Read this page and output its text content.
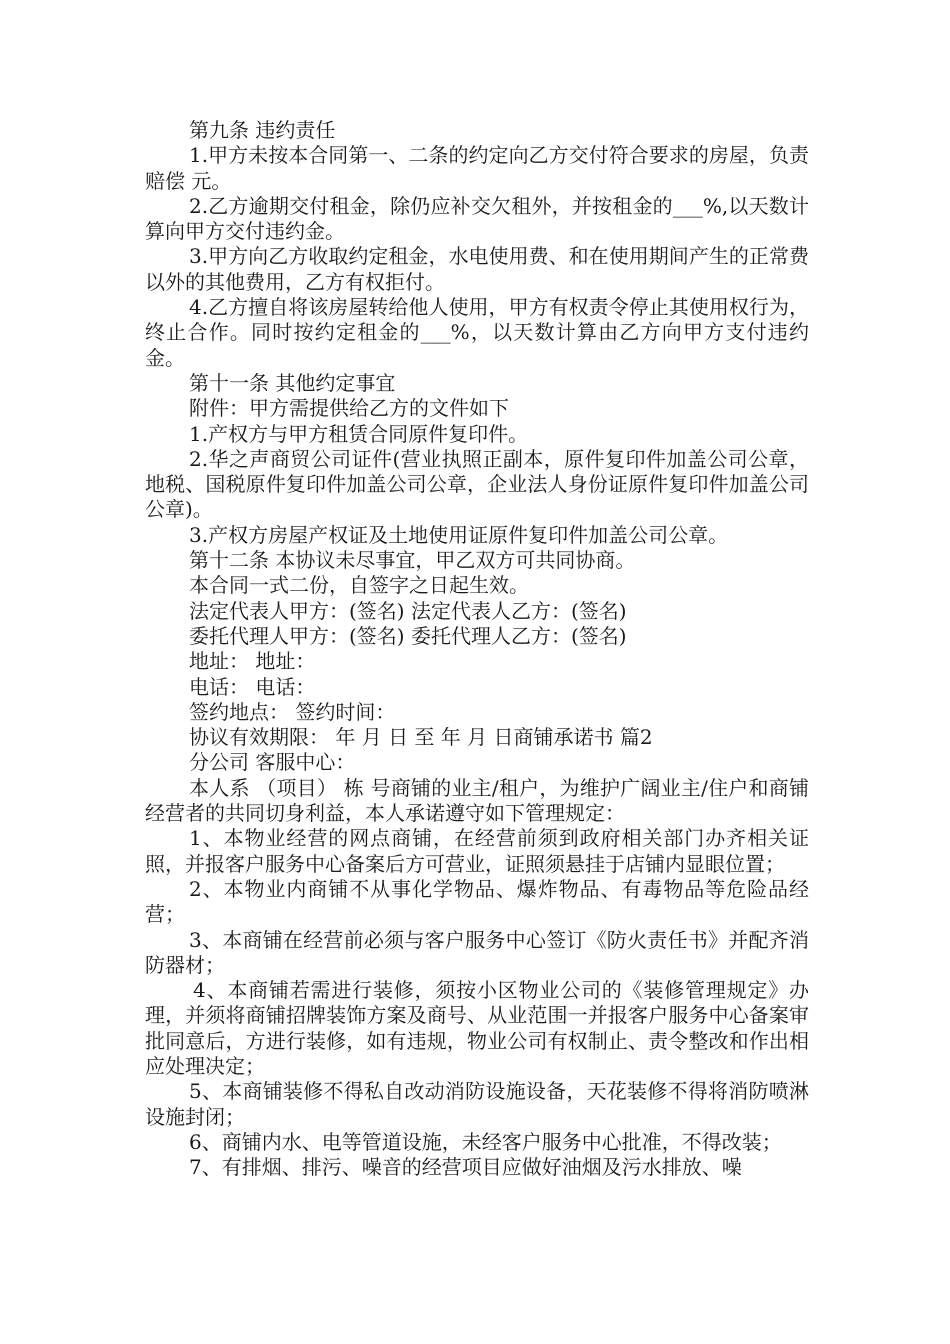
第九条 违约责任

1.甲方未按本合同第一、二条的约定向乙方交付符合要求的房屋，负责赔偿 元。

2.乙方逾期交付租金，除仍应补交欠租外，并按租金的___%,以天数计算向甲方交付违约金。

3.甲方向乙方收取约定租金，水电使用费、和在使用期间产生的正常费以外的其他费用，乙方有权拒付。

4.乙方擅自将该房屋转给他人使用，甲方有权责令停止其使用权行为，终止合作。同时按约定租金的___%，以天数计算由乙方向甲方支付违约金。

第十一条 其他约定事宜

附件：甲方需提供给乙方的文件如下

1.产权方与甲方租赁合同原件复印件。

2.华之声商贸公司证件(营业执照正副本，原件复印件加盖公司公章，地税、国税原件复印件加盖公司公章，企业法人身份证原件复印件加盖公司公章)。

3.产权方房屋产权证及土地使用证原件复印件加盖公司公章。

第十二条 本协议未尽事宜，甲乙双方可共同协商。

本合同一式二份，自签字之日起生效。

法定代表人甲方：(签名) 法定代表人乙方：(签名)

委托代理人甲方：(签名) 委托代理人乙方：(签名)

地址： 地址：

电话： 电话：

签约地点： 签约时间：

协议有效期限： 年 月 日 至 年 月 日商铺承诺书 篇2

分公司 客服中心：

本人系 （项目） 栋 号商铺的业主/租户，为维护广阔业主/住户和商铺经营者的共同切身利益，本人承诺遵守如下管理规定：

1、本物业经营的网点商铺，在经营前须到政府相关部门办齐相关证照，并报客户服务中心备案后方可营业，证照须悬挂于店铺内显眼位置；

2、本物业内商铺不从事化学物品、爆炸物品、有毒物品等危险品经营；

3、本商铺在经营前必须与客户服务中心签订《防火责任书》并配齐消防器材；

4、本商铺若需进行装修，须按小区物业公司的《装修管理规定》办理，并须将商铺招牌装饰方案及商号、从业范围一并报客户服务中心备案审批同意后，方进行装修，如有违规，物业公司有权制止、责令整改和作出相应处理决定；

5、本商铺装修不得私自改动消防设施设备，天花装修不得将消防喷淋设施封闭；

6、商铺内水、电等管道设施，未经客户服务中心批准，不得改装；

7、有排烟、排污、噪音的经营项目应做好油烟及污水排放、噪
